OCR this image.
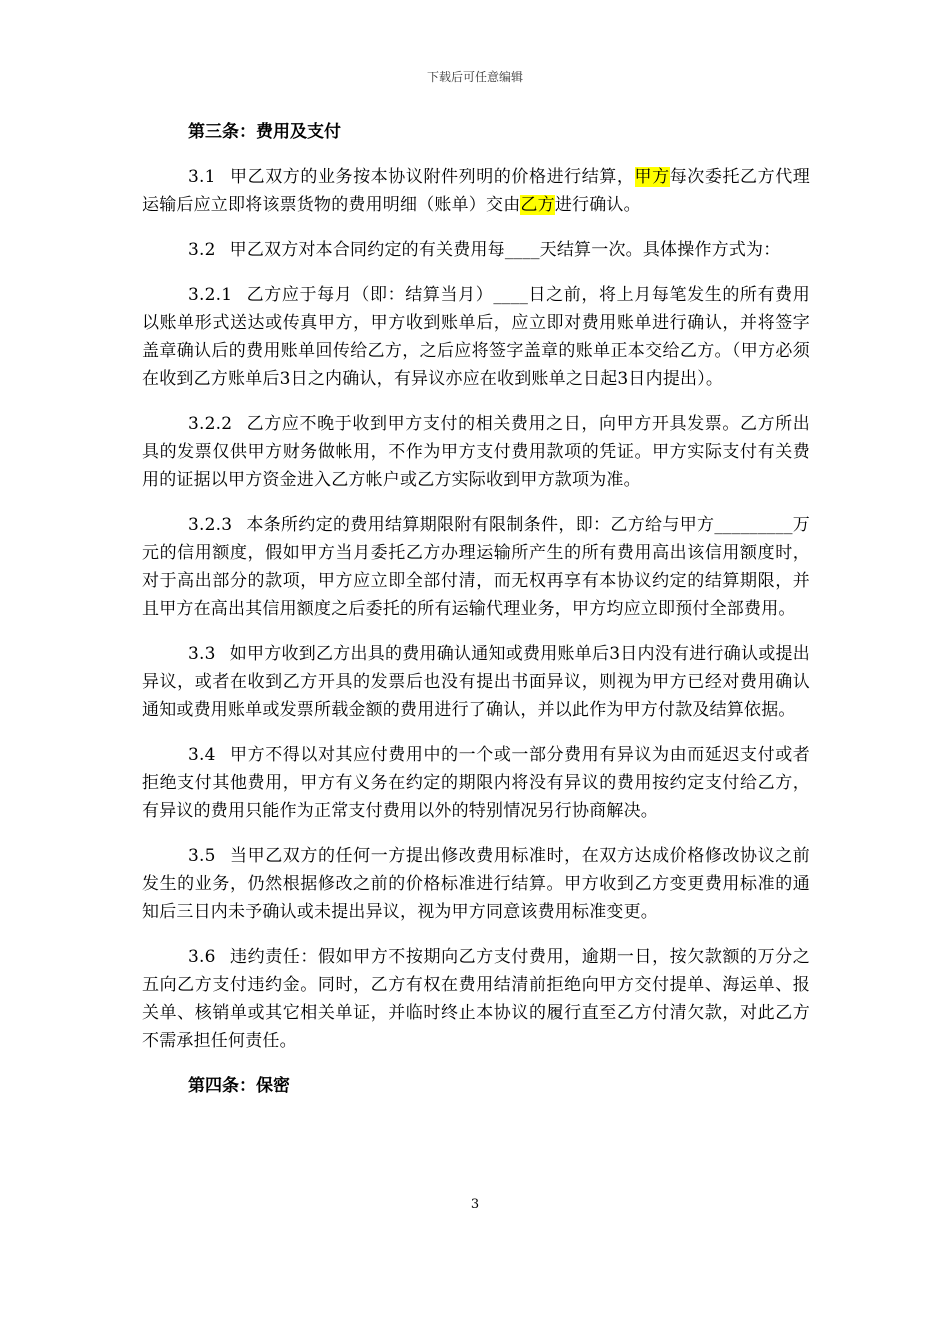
下载后可任意编辑
第三条：费用及支付

3.1 甲乙双方的业务按本协议附件列明的价格进行结算，甲方每次委托乙方代理运输后应立即将该票货物的费用明细（账单）交由乙方进行确认。

3.2 甲乙双方对本合同约定的有关费用每____天结算一次。具体操作方式为：

3.2.1 乙方应于每月（即：结算当月）____日之前，将上月每笔发生的所有费用以账单形式送达或传真甲方，甲方收到账单后，应立即对费用账单进行确认，并将签字盖章确认后的费用账单回传给乙方，之后应将签字盖章的账单正本交给乙方。（甲方必须在收到乙方账单后3日之内确认，有异议亦应在收到账单之日起3日内提出）。

3.2.2 乙方应不晚于收到甲方支付的相关费用之日，向甲方开具发票。乙方所出具的发票仅供甲方财务做帐用，不作为甲方支付费用款项的凭证。甲方实际支付有关费用的证据以甲方资金进入乙方帐户或乙方实际收到甲方款项为准。

3.2.3 本条所约定的费用结算期限附有限制条件，即：乙方给与甲方_________万元的信用额度，假如甲方当月委托乙方办理运输所产生的所有费用高出该信用额度时，对于高出部分的款项，甲方应立即全部付清，而无权再享有本协议约定的结算期限，并且甲方在高出其信用额度之后委托的所有运输代理业务，甲方均应立即预付全部费用。

3.3 如甲方收到乙方出具的费用确认通知或费用账单后3日内没有进行确认或提出异议，或者在收到乙方开具的发票后也没有提出书面异议，则视为甲方已经对费用确认通知或费用账单或发票所载金额的费用进行了确认，并以此作为甲方付款及结算依据。

3.4 甲方不得以对其应付费用中的一个或一部分费用有异议为由而延迟支付或者拒绝支付其他费用，甲方有义务在约定的期限内将没有异议的费用按约定支付给乙方，有异议的费用只能作为正常支付费用以外的特别情况另行协商解决。

3.5 当甲乙双方的任何一方提出修改费用标准时，在双方达成价格修改协议之前发生的业务，仍然根据修改之前的价格标准进行结算。甲方收到乙方变更费用标准的通知后三日内未予确认或未提出异议，视为甲方同意该费用标准变更。

3.6 违约责任：假如甲方不按期向乙方支付费用，逾期一日，按欠款额的万分之五向乙方支付违约金。同时，乙方有权在费用结清前拒绝向甲方交付提单、海运单、报关单、核销单或其它相关单证，并临时终止本协议的履行直至乙方付清欠款，对此乙方不需承担任何责任。

第四条：保密
3
